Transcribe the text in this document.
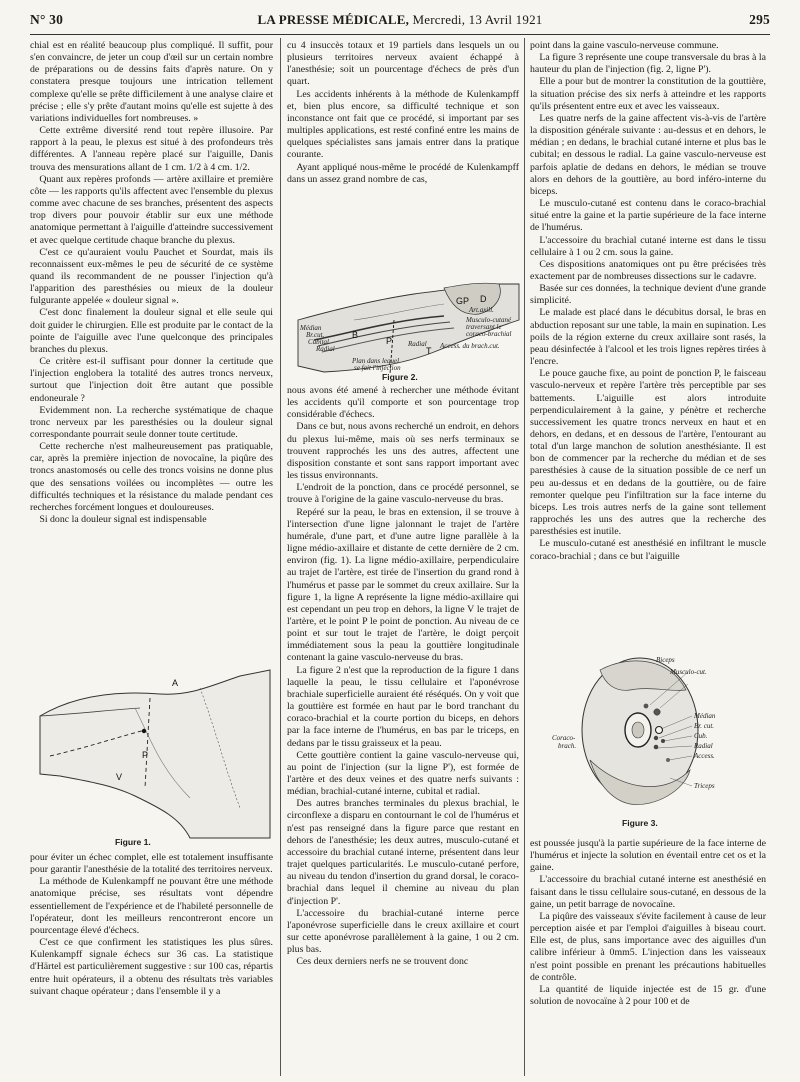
N° 30	LA PRESSE MÉDICALE, Mercredi, 13 Avril 1921	295

chial est en réalité beaucoup plus compliqué. Il suffit, pour s'en convaincre, de jeter un coup d'œil sur un certain nombre de préparations ou de dessins faits d'après nature. On y constatera presque toujours une intrication tellement complexe qu'elle se prête difficilement à une analyse claire et précise ; elle s'y prête d'autant moins qu'elle est sujette à des variations individuelles fort nombreuses. »

Cette extrême diversité rend tout repère illusoire. Par rapport à la peau, le plexus est situé à des profondeurs très différentes. A l'anneau repère placé sur l'aiguille, Danis trouva des mensurations allant de 1 cm. 1/2 à 4 cm. 1/2.

Quant aux repères profonds — artère axillaire et première côte — les rapports qu'ils affectent avec l'ensemble du plexus comme avec chacune de ses branches, présentent des aspects trop divers pour pouvoir établir sur eux une méthode anatomique permettant à l'aiguille d'atteindre successivement et avec quelque certitude chaque branche du plexus.

C'est ce qu'auraient voulu Pauchet et Sourdat, mais ils reconnaissent eux-mêmes le peu de sécurité de ce système quand ils recommandent de ne pousser l'injection qu'à l'apparition des paresthésies ou mieux de la douleur fulgurante appelée « douleur signal ».

C'est donc finalement la douleur signal et elle seule qui doit guider le chirurgien. Elle est produite par le contact de la pointe de l'aiguille avec l'une quelconque des principales branches du plexus.

Ce critère est-il suffisant pour donner la certitude que l'injection englobera la totalité des autres troncs nerveux, surtout que l'injection doit être autant que possible endoneurale ?

Evidemment non. La recherche systématique de chaque tronc nerveux par les paresthésies ou la douleur signal correspondante pourrait seule donner toute certitude.

Cette recherche n'est malheureusement pas pratiquable, car, après la première injection de novocaïne, la piqûre des troncs anastomosés ou celle des troncs voisins ne donne plus que des sensations voilées ou incomplètes — outre les difficultés techniques et la résistance du malade pendant ces recherches forcément longues et douloureuses.

Si donc la douleur signal est indispensable

A
V
P
Figure 1.

pour éviter un échec complet, elle est totalement insuffisante pour garantir l'anesthésie de la totalité des territoires nerveux.

La méthode de Kulenkampff ne pouvant être une méthode anatomique précise, ses résultats vont dépendre essentiellement de l'expérience et de l'habileté personnelle de l'opérateur, dont les meilleurs rencontreront encore un pourcentage élevé d'échecs.

C'est ce que confirment les statistiques les plus sûres. Kulenkampff signale échecs sur 36 cas. La statistique d'Härtel est particulièrement suggestive : sur 100 cas, répartis entre huit opérateurs, il a obtenu des résultats très variables suivant chaque opérateur ; dans l'ensemble il y a

cu 4 insuccès totaux et 19 partiels dans lesquels un ou plusieurs territoires nerveux avaient échappé à l'anesthésie; soit un pourcentage d'échecs de près d'un quart.

Les accidents inhérents à la méthode de Kulenkampff et, bien plus encore, sa difficulté technique et son inconstance ont fait que ce procédé, si important par ses multiples applications, est resté confiné entre les mains de quelques spécialistes sans jamais entrer dans la pratique courante.

Ayant appliqué nous-même le procédé de Kulenkampff dans un assez grand nombre de cas,

GP D
B
T
P
Art.axill.
Musculo-cutané
traversant le
coraco-brachial
Radial Access. du brach.cut.
Médian
Br.cut.
Cubital
Radial
Plan dans lequel
se fait l'injection
Figure 2.

nous avons été amené à rechercher une méthode évitant les accidents qu'il comporte et son pourcentage trop considérable d'échecs.

Dans ce but, nous avons recherché un endroit, en dehors du plexus lui-même, mais où ses nerfs terminaux se trouvent rapprochés les uns des autres, affectent une disposition constante et sont sans rapport important avec les tissus environnants.

L'endroit de la ponction, dans ce procédé personnel, se trouve à l'origine de la gaine vasculo-nerveuse du bras.

Repéré sur la peau, le bras en extension, il se trouve à l'intersection d'une ligne jalonnant le trajet de l'artère humérale, d'une part, et d'une autre ligne parallèle à la ligne médio-axillaire et distante de cette dernière de 2 cm. environ (fig. 1). La ligne médio-axillaire, perpendiculaire au trajet de l'artère, est tirée de l'insertion du grand rond à l'humérus et passe par le sommet du creux axillaire. Sur la figure 1, la ligne A représente la ligne médio-axillaire qui est cependant un peu trop en dehors, la ligne V le trajet de l'artère, et le point P le point de ponction. Au niveau de ce point et sur tout le trajet de l'artère, le doigt perçoit immédiatement sous la peau la gouttière longitudinale contenant la gaine vasculo-nerveuse du bras.

La figure 2 n'est que la reproduction de la figure 1 dans laquelle la peau, le tissu cellulaire et l'aponévrose brachiale superficielle auraient été réséqués. On y voit que la gouttière est formée en haut par le bord tranchant du coraco-brachial et la courte portion du biceps, en dehors par la face interne de l'humérus, en bas par le triceps, en dedans par le tissu graisseux et la peau.

Cette gouttière contient la gaine vasculo-nerveuse qui, au point de l'injection (sur la ligne P'), est formée de l'artère et des deux veines et des quatre nerfs suivants : médian, brachial-cutané interne, cubital et radial.

Des autres branches terminales du plexus brachial, le circonflexe a disparu en contournant le col de l'humérus et n'est pas renseigné dans la figure parce que restant en dehors de l'anesthésie; les deux autres, musculo-cutané et accessoire du brachial cutané interne, présentent dans leur trajet quelques particularités. Le musculo-cutané perfore, au niveau du tendon d'insertion du grand dorsal, le coraco-brachial dans lequel il chemine au niveau du plan d'injection P'.

L'accessoire du brachial-cutané interne perce l'aponévrose superficielle dans le creux axillaire et court sur cette aponévrose parallèlement à la gaine, 1 ou 2 cm. plus bas.

Ces deux derniers nerfs ne se trouvent donc

point dans la gaine vasculo-nerveuse commune.

La figure 3 représente une coupe transversale du bras à la hauteur du plan de l'injection (fig. 2, ligne P').

Elle a pour but de montrer la constitution de la gouttière, la situation précise des six nerfs à atteindre et les rapports qu'ils présentent entre eux et avec les vaisseaux.

Les quatre nerfs de la gaine affectent vis-à-vis de l'artère la disposition générale suivante : au-dessus et en dehors, le médian ; en dedans, le brachial cutané interne et plus bas le cubital; en dessous le radial. La gaine vasculo-nerveuse est parfois aplatie de dedans en dehors, le médian se trouve alors en dehors de la gouttière, au bord inféro-interne du biceps.

Le musculo-cutané est contenu dans le coraco-brachial situé entre la gaine et la partie supérieure de la face interne de l'humérus.

L'accessoire du brachial cutané interne est dans le tissu cellulaire à 1 ou 2 cm. sous la gaine.

Ces dispositions anatomiques ont pu être précisées très exactement par de nombreuses dissections sur le cadavre.

Basée sur ces données, la technique devient d'une grande simplicité.

Le malade est placé dans le décubitus dorsal, le bras en abduction reposant sur une table, la main en supination. Les poils de la région externe du creux axillaire sont rasés, la peau désinfectée à l'alcool et les trois lignes repères tirées à l'encre.

Le pouce gauche fixe, au point de ponction P, le faisceau vasculo-nerveux et repère l'artère très perceptible par ses battements. L'aiguille est alors introduite perpendiculairement à la gaine, y pénètre et recherche successivement les quatre troncs nerveux en haut et en dehors, en dedans, et en dessous de l'artère, l'entourant au total d'un large manchon de solution anesthésiante. Il est bon de commencer par la recherche du médian et de ses paresthésies à cause de la situation possible de ce nerf un peu au-dessus et en dedans de la gouttière, ou de faire remonter quelque peu l'infiltration sur la face interne du biceps. Les trois autres nerfs de la gaine sont tellement rapprochés les uns des autres que la recherche des paresthésies est inutile.

Le musculo-cutané est anesthésié en infiltrant le muscle coraco-brachial ; dans ce but l'aiguille

Biceps
Musculo-cut.
Médian
Br. cut.
Cub.
Radial
Access.
Triceps
Coraco-
brach.
Figure 3.

est poussée jusqu'à la partie supérieure de la face interne de l'humérus et injecte la solution en éventail entre cet os et la gaine.

L'accessoire du brachial cutané interne est anesthésié en faisant dans le tissu cellulaire sous-cutané, en dessous de la gaine, un petit barrage de novocaïne.

La piqûre des vaisseaux s'évite facilement à cause de leur perception aisée et par l'emploi d'aiguilles à biseau court. Elle est, de plus, sans importance avec des aiguilles d'un calibre inférieur à 0mm5. L'injection dans les vaisseaux n'est point possible en prenant les précautions habituelles de contrôle.

La quantité de liquide injectée est de 15 gr. d'une solution de novocaïne à 2 pour 100 et de
